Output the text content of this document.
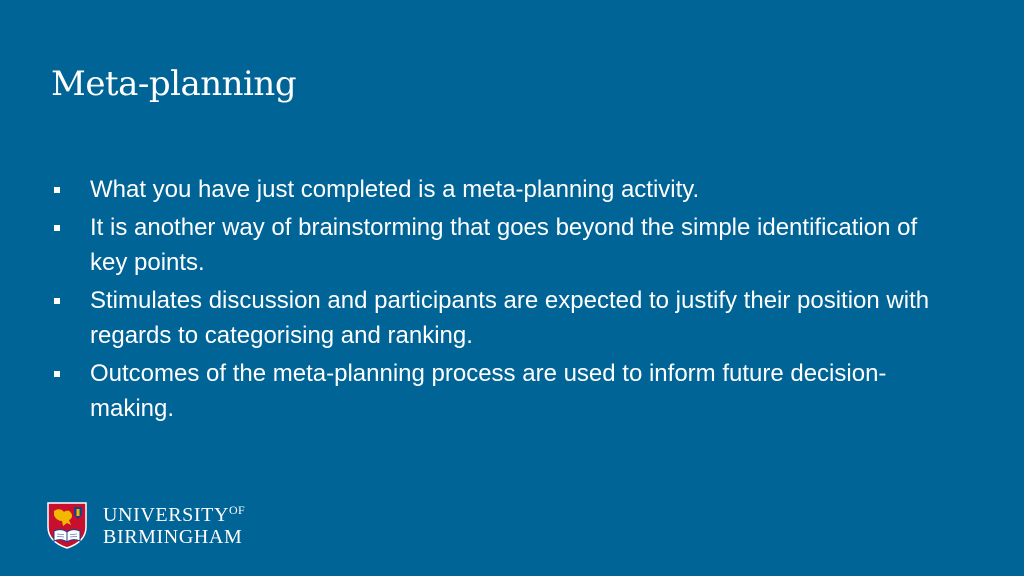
Meta-planning
What you have just completed is a meta-planning activity.
It is another way of brainstorming that goes beyond the simple identification of key points.
Stimulates discussion and participants are expected to justify their position with regards to categorising and ranking.
Outcomes of the meta-planning process are used to inform future decision-making.
$UNIVERSITY^{OF}$
BIRMINGHAM
